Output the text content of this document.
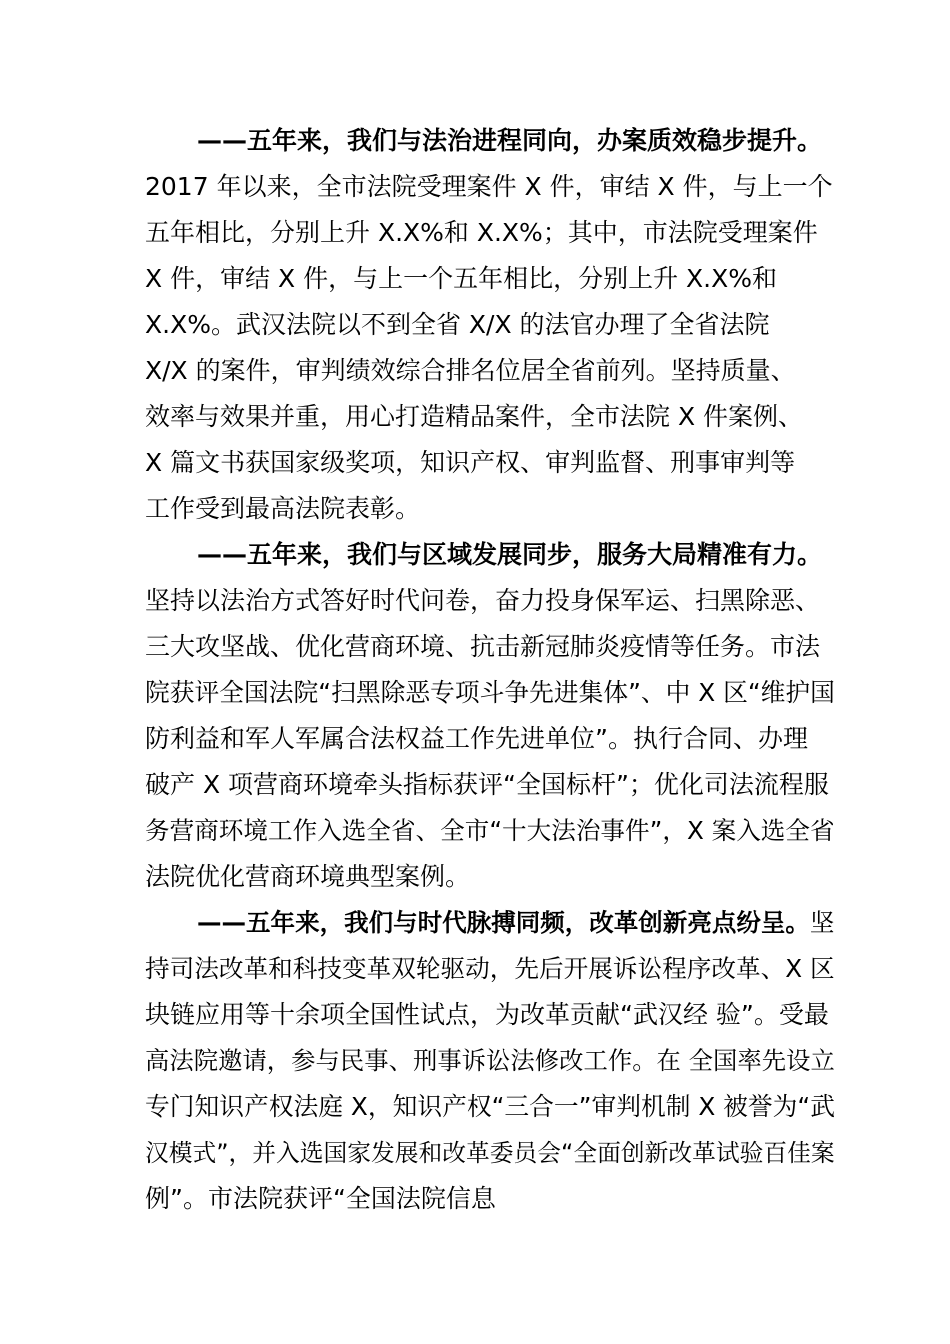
——五年来，我们与法治进程同向，办案质效稳步提升。
2017 年以来，全市法院受理案件 X 件，审结 X 件，与上一个
五年相比，分别上升 X.X%和 X.X%；其中，市法院受理案件
X 件，审结 X 件，与上一个五年相比，分别上升 X.X%和
X.X%。武汉法院以不到全省 X/X 的法官办理了全省法院
X/X 的案件，审判绩效综合排名位居全省前列。坚持质量、
效率与效果并重，用心打造精品案件，全市法院 X 件案例、
X 篇文书获国家级奖项，知识产权、审判监督、刑事审判等
工作受到最高法院表彰。
——五年来，我们与区域发展同步，服务大局精准有力。
坚持以法治方式答好时代问卷，奋力投身保军运、扫黑除恶、
三大攻坚战、优化营商环境、抗击新冠肺炎疫情等任务。市法
院获评全国法院“扫黑除恶专项斗争先进集体”、中 X 区“维护国
防利益和军人军属合法权益工作先进单位”。执行合同、办理
破产 X 项营商环境牵头指标获评“全国标杆”；优化司法流程服
务营商环境工作入选全省、全市“十大法治事件”，X 案入选全省
法院优化营商环境典型案例。
——五年来，我们与时代脉搏同频，改革创新亮点纷呈。坚
持司法改革和科技变革双轮驱动，先后开展诉讼程序改革、X 区
块链应用等十余项全国性试点，为改革贡献“武汉经 验”。受最
高法院邀请，参与民事、刑事诉讼法修改工作。在 全国率先设立
专门知识产权法庭 X，知识产权“三合一”审判机制 X 被誉为“武
汉模式”，并入选国家发展和改革委员会“全面创新改革试验百佳案
例”。市法院获评“全国法院信息
